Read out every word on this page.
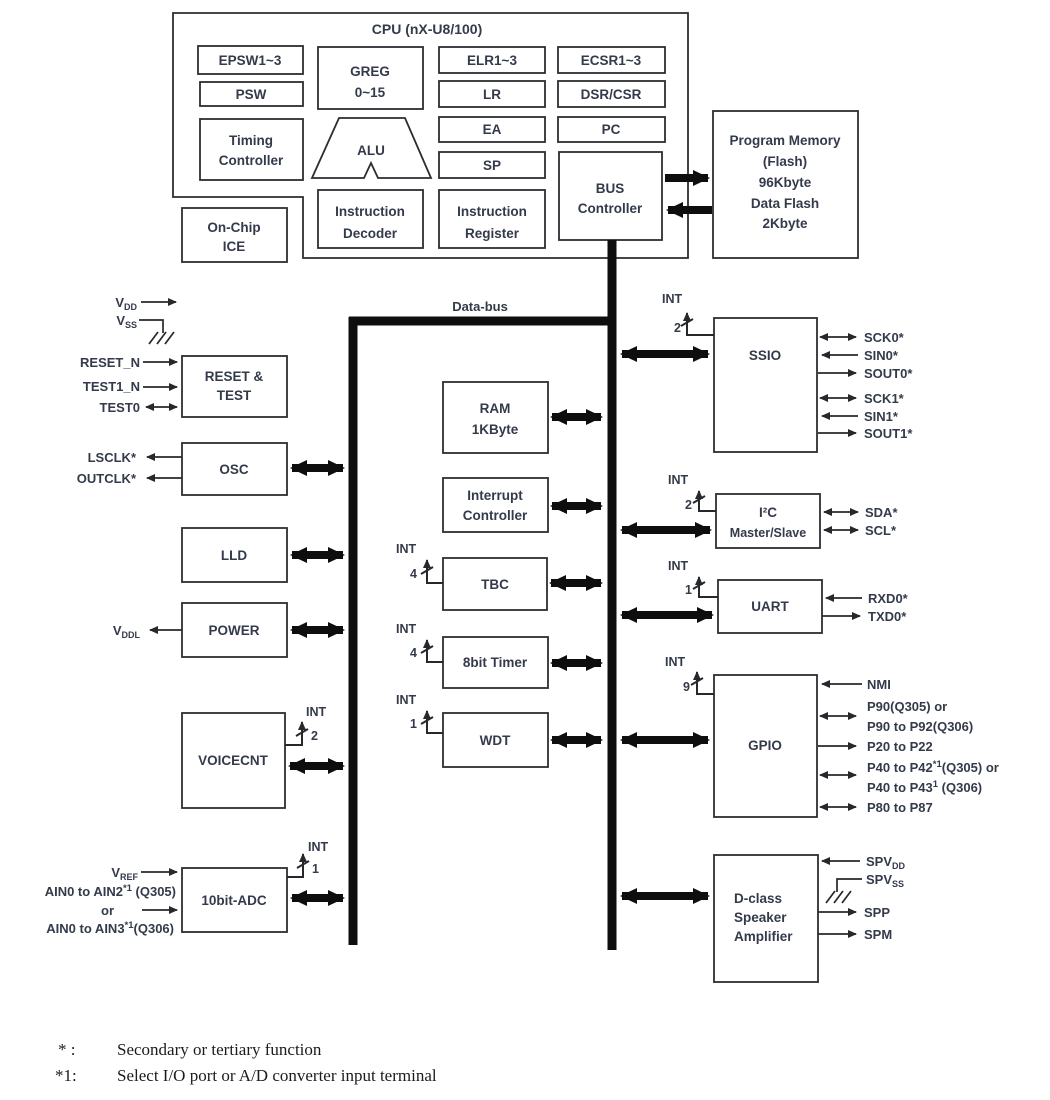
CPU (nX-U8/100)
EPSW1~3
PSW
Timing
Controller
GREG
0~15
ALU
Instruction
Decoder
ELR1~3
LR
EA
SP
Instruction
Register
ECSR1~3
DSR/CSR
PC
BUS
Controller
On-Chip
ICE
Program Memory
(Flash)
96Kbyte
Data Flash
2Kbyte
Data-bus
$V_{DD}$
$V_{SS}$
RESET &
TEST
RESET_N
TEST1_N
TEST0
OSC
LSCLK*
OUTCLK*
LLD
POWER
$V_{DDL}$
VOICECNT
INT
2
10bit-ADC
INT
1
$V_{REF}$
AIN0 to AIN2$^{*1}$ (Q305)
or
AIN0 to AIN3$^{*1}$(Q306)
RAM
1KByte
Interrupt
Controller
TBC
INT
4
8bit Timer
INT
4
WDT
INT
1
SSIO
INT
2
SCK0*
SIN0*
SOUT0*
SCK1*
SIN1*
SOUT1*
I²C
Master/Slave
INT
2	SDA*
SCL*
UART
INT
1
RXD0*
TXD0*
GPIO
INT
9	NMI
P90(Q305) or
P90 to P92(Q306)
P20 to P22
P40 to P42$^{*1}$(Q305) or
P40 to $P43^1$ (Q306)
P80 to P87
D-class
Speaker
Amplifier
$SPV_{DD}$
$SPV_{SS}$
SPP
SPM
* : Secondary or tertiary function
*1: Select I/O port or A/D converter input terminal
